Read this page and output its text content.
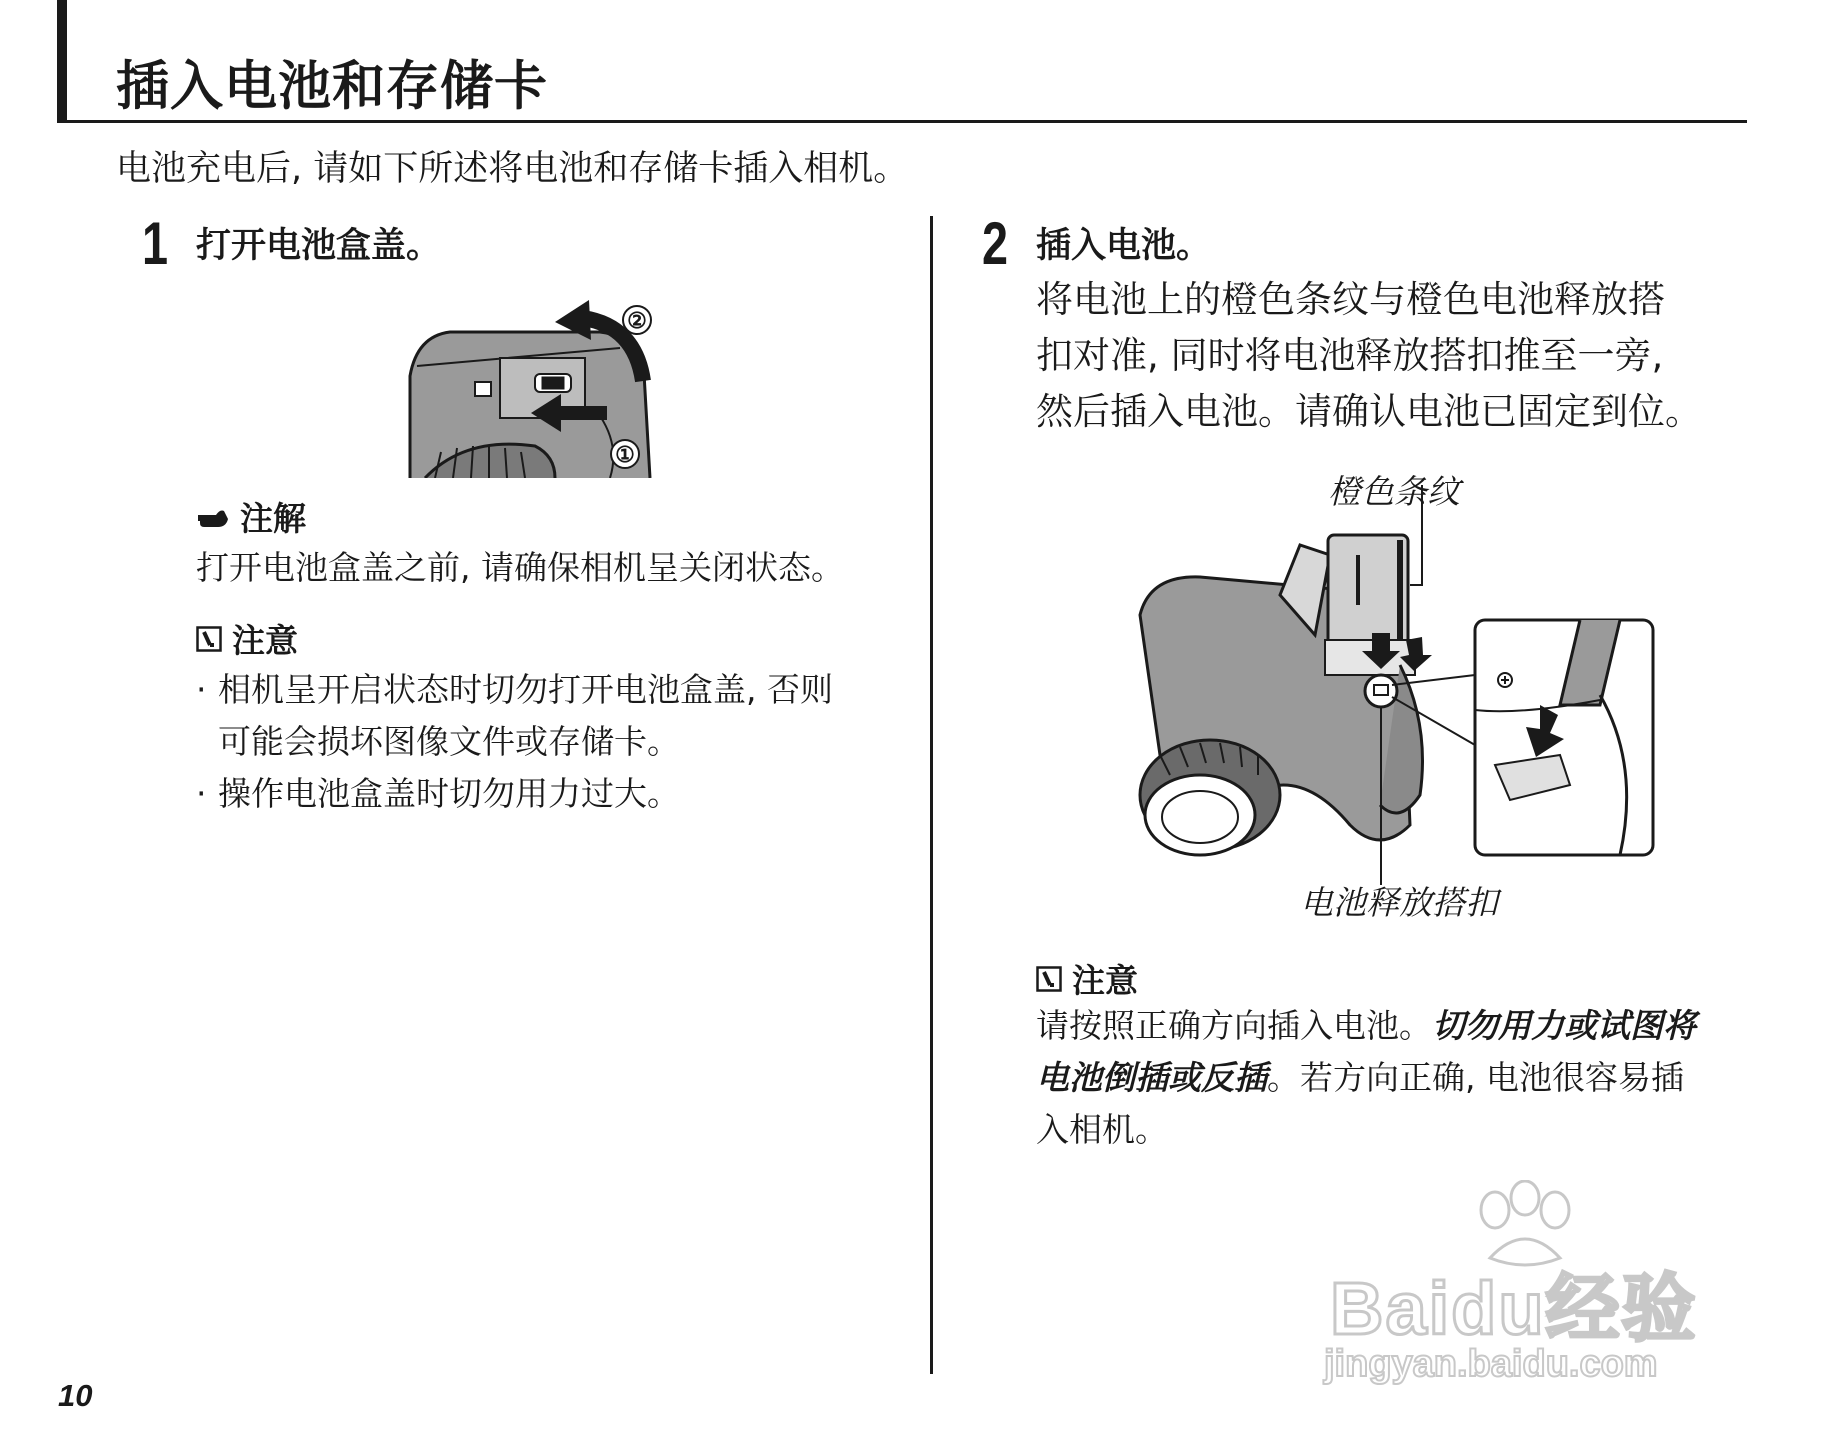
插入电池和存储卡
电池充电后, 请如下所述将电池和存储卡插入相机。
1 打开电池盒盖。
②
①
注解
打开电池盒盖之前, 请确保相机呈关闭状态。
注意
· 相机呈开启状态时切勿打开电池盒盖, 否则
可能会损坏图像文件或存储卡。
· 操作电池盒盖时切勿用力过大。
2 插入电池。
将电池上的橙色条纹与橙色电池释放搭
扣对准, 同时将电池释放搭扣推至一旁,
然后插入电池。请确认电池已固定到位。
橙色条纹
电池释放搭扣
注意
请按照正确方向插入电池。切勿用力或试图将
电池倒插或反插。若方向正确, 电池很容易插
入相机。
10
Baidu经验
jingyan.baidu.com
